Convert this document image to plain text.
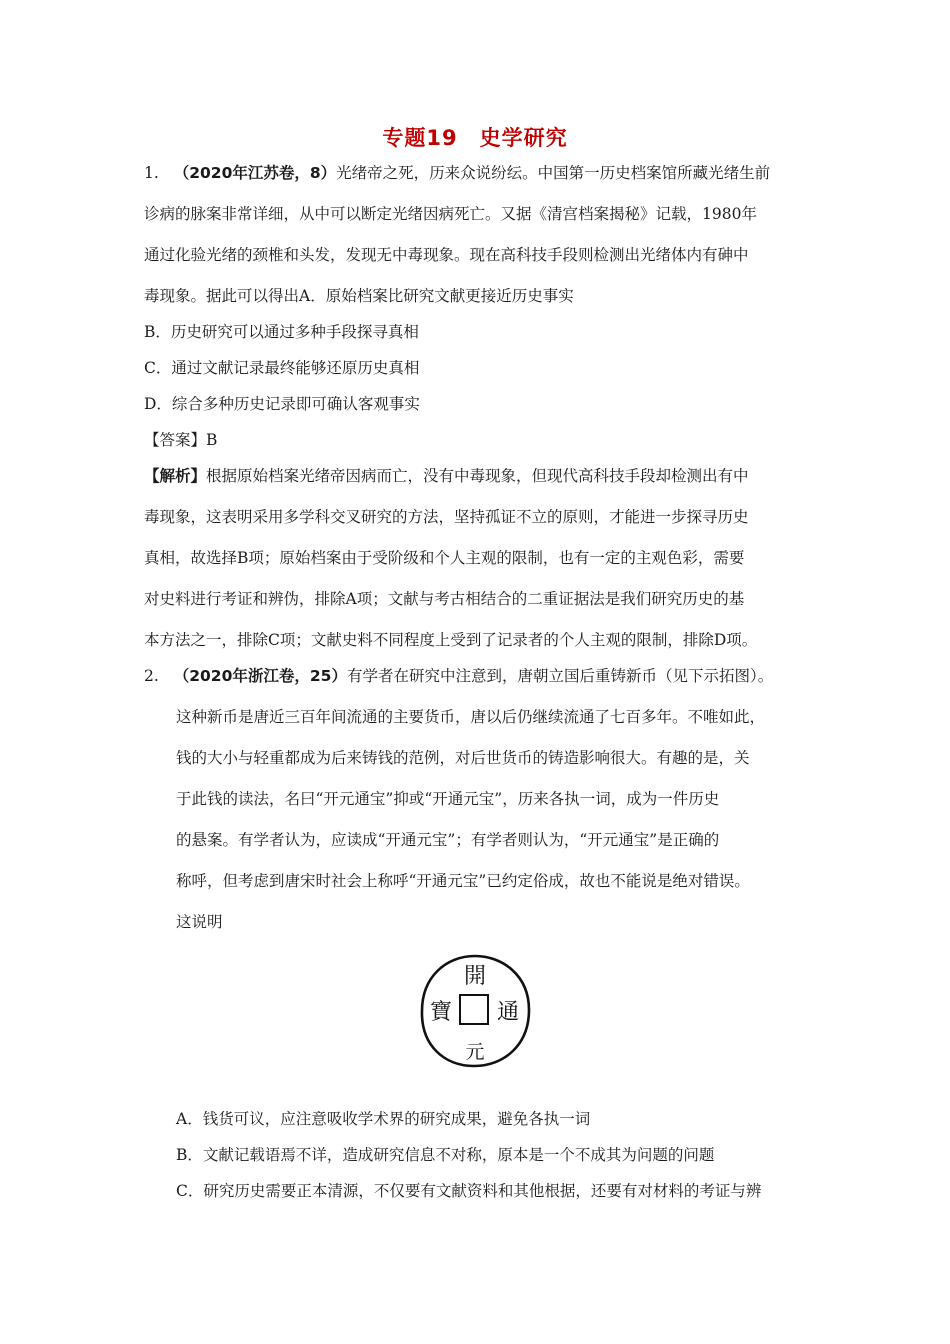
专题19　史学研究
1. （2020年江苏卷，8）光绪帝之死，历来众说纷纭。中国第一历史档案馆所藏光绪生前
诊病的脉案非常详细，从中可以断定光绪因病死亡。又据《清宫档案揭秘》记载，1980年
通过化验光绪的颈椎和头发，发现无中毒现象。现在高科技手段则检测出光绪体内有砷中
毒现象。据此可以得出A．原始档案比研究文献更接近历史事实
B．历史研究可以通过多种手段探寻真相
C．通过文献记录最终能够还原历史真相
D．综合多种历史记录即可确认客观事实
【答案】B
【解析】根据原始档案光绪帝因病而亡，没有中毒现象，但现代高科技手段却检测出有中
毒现象，这表明采用多学科交叉研究的方法，坚持孤证不立的原则，才能进一步探寻历史
真相，故选择B项；原始档案由于受阶级和个人主观的限制，也有一定的主观色彩，需要
对史料进行考证和辨伪，排除A项；文献与考古相结合的二重证据法是我们研究历史的基
本方法之一，排除C项；文献史料不同程度上受到了记录者的个人主观的限制，排除D项。
2. （2020年浙江卷，25）有学者在研究中注意到，唐朝立国后重铸新币（见下示拓图）。
这种新币是唐近三百年间流通的主要货币，唐以后仍继续流通了七百多年。不唯如此，
钱的大小与轻重都成为后来铸钱的范例，对后世货币的铸造影响很大。有趣的是，关
于此钱的读法，名曰“开元通宝”抑或“开通元宝”，历来各执一词，成为一件历史
的悬案。有学者认为，应读成“开通元宝”；有学者则认为，“开元通宝”是正确的
称呼，但考虑到唐宋时社会上称呼“开通元宝”已约定俗成，故也不能说是绝对错误。
这说明
開
通
元
寶
A．钱货可议，应注意吸收学术界的研究成果，避免各执一词
B．文献记载语焉不详，造成研究信息不对称，原本是一个不成其为问题的问题
C．研究历史需要正本清源，不仅要有文献资料和其他根据，还要有对材料的考证与辨
